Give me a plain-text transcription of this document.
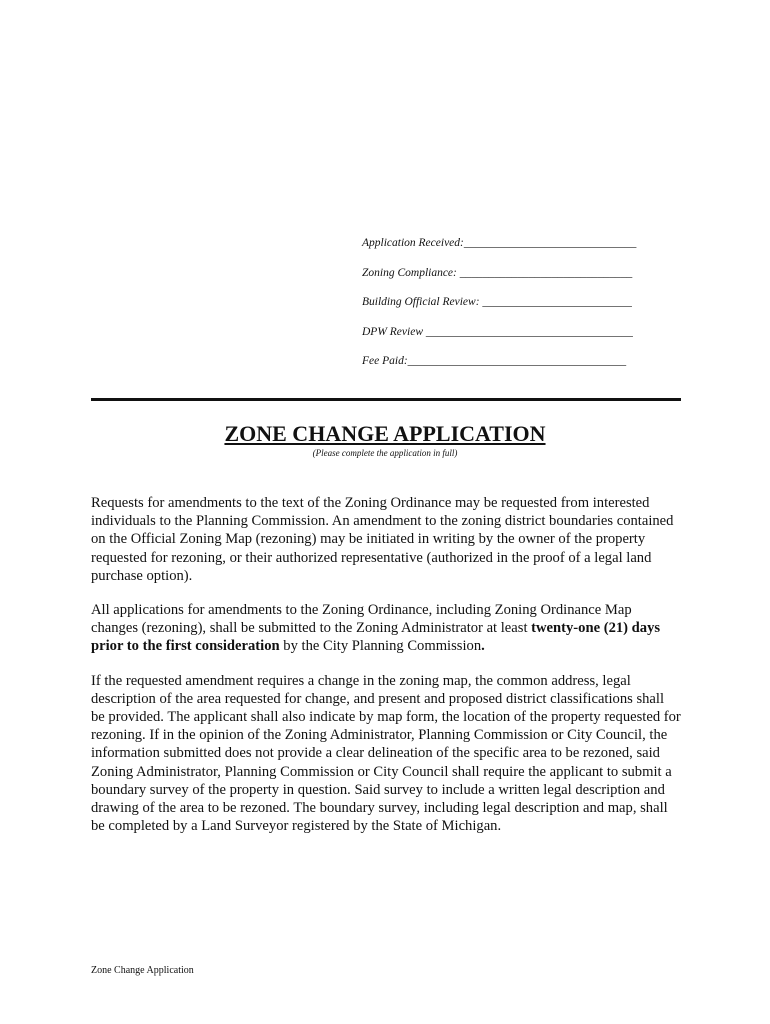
Application Received:______________________________
Zoning Compliance: ______________________________
Building Official Review: __________________________
DPW Review ____________________________________
Fee Paid:______________________________________
ZONE CHANGE APPLICATION
(Please complete the application in full)

Requests for amendments to the text of the Zoning Ordinance may be requested from interested individuals to the Planning Commission. An amendment to the zoning district boundaries contained on the Official Zoning Map (rezoning) may be initiated in writing by the owner of the property requested for rezoning, or their authorized representative (authorized in the proof of a legal land purchase option).

All applications for amendments to the Zoning Ordinance, including Zoning Ordinance Map changes (rezoning), shall be submitted to the Zoning Administrator at least twenty-one (21) days prior to the first consideration by the City Planning Commission.

If the requested amendment requires a change in the zoning map, the common address, legal description of the area requested for change, and present and proposed district classifications shall be provided. The applicant shall also indicate by map form, the location of the property requested for rezoning. If in the opinion of the Zoning Administrator, Planning Commission or City Council, the information submitted does not provide a clear delineation of the specific area to be rezoned, said Zoning Administrator, Planning Commission or City Council shall require the applicant to submit a boundary survey of the property in question. Said survey to include a written legal description and drawing of the area to be rezoned. The boundary survey, including legal description and map, shall be completed by a Land Surveyor registered by the State of Michigan.

Zone Change Application
